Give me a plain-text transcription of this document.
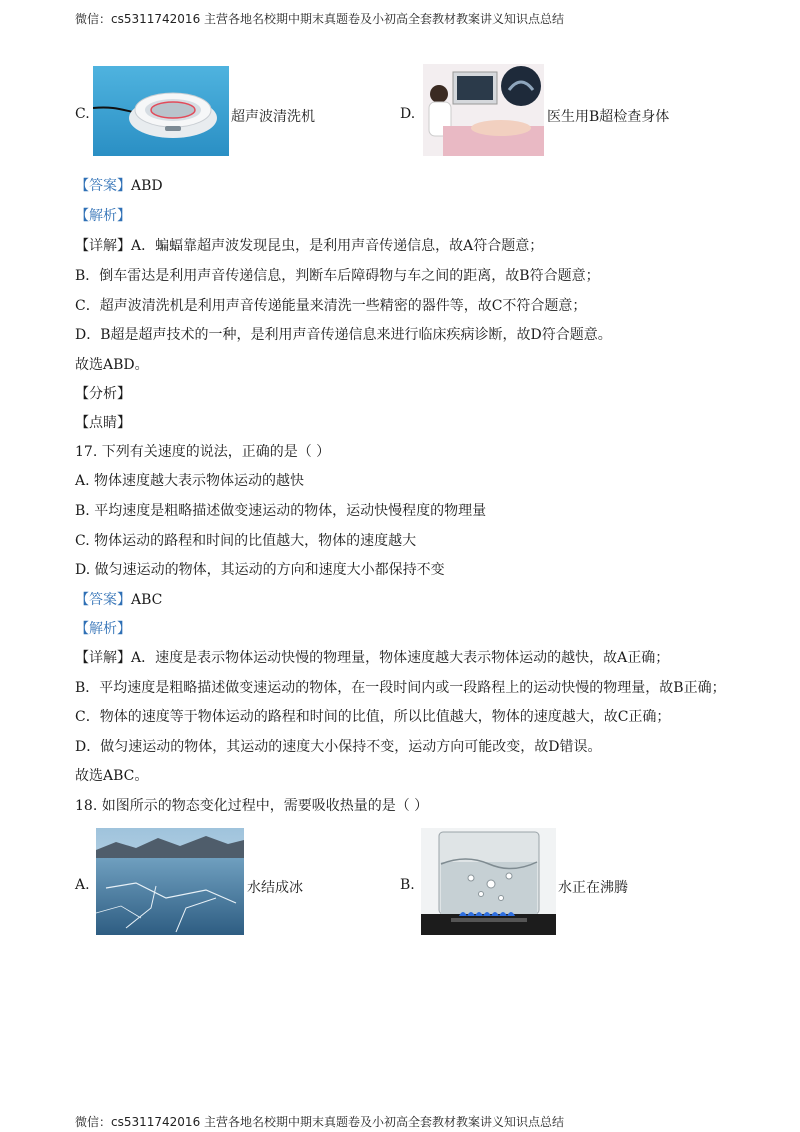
微信：cs5311742016 主营各地名校期中期末真题卷及小初高全套教材教案讲义知识点总结
C.	超声波清洗机	D.	医生用B超检查身体
【答案】ABD
【解析】
【详解】A．蝙蝠靠超声波发现昆虫，是利用声音传递信息，故A符合题意；
B．倒车雷达是利用声音传递信息，判断车后障碍物与车之间的距离，故B符合题意；
C．超声波清洗机是利用声音传递能量来清洗一些精密的器件等，故C不符合题意；
D．B超是超声技术的一种，是利用声音传递信息来进行临床疾病诊断，故D符合题意。
故选ABD。
【分析】
【点睛】
17. 下列有关速度的说法，正确的是（ ）
A. 物体速度越大表示物体运动的越快
B. 平均速度是粗略描述做变速运动的物体，运动快慢程度的物理量
C. 物体运动的路程和时间的比值越大，物体的速度越大
D. 做匀速运动的物体，其运动的方向和速度大小都保持不变
【答案】ABC
【解析】
【详解】A．速度是表示物体运动快慢的物理量，物体速度越大表示物体运动的越快，故A正确；
B．平均速度是粗略描述做变速运动的物体，在一段时间内或一段路程上的运动快慢的物理量，故B正确；
C．物体的速度等于物体运动的路程和时间的比值，所以比值越大，物体的速度越大，故C正确；
D．做匀速运动的物体，其运动的速度大小保持不变，运动方向可能改变，故D错误。
故选ABC。
18. 如图所示的物态变化过程中，需要吸收热量的是（ ）
A.	水结成冰	B.	水正在沸腾
微信：cs5311742016 主营各地名校期中期末真题卷及小初高全套教材教案讲义知识点总结
